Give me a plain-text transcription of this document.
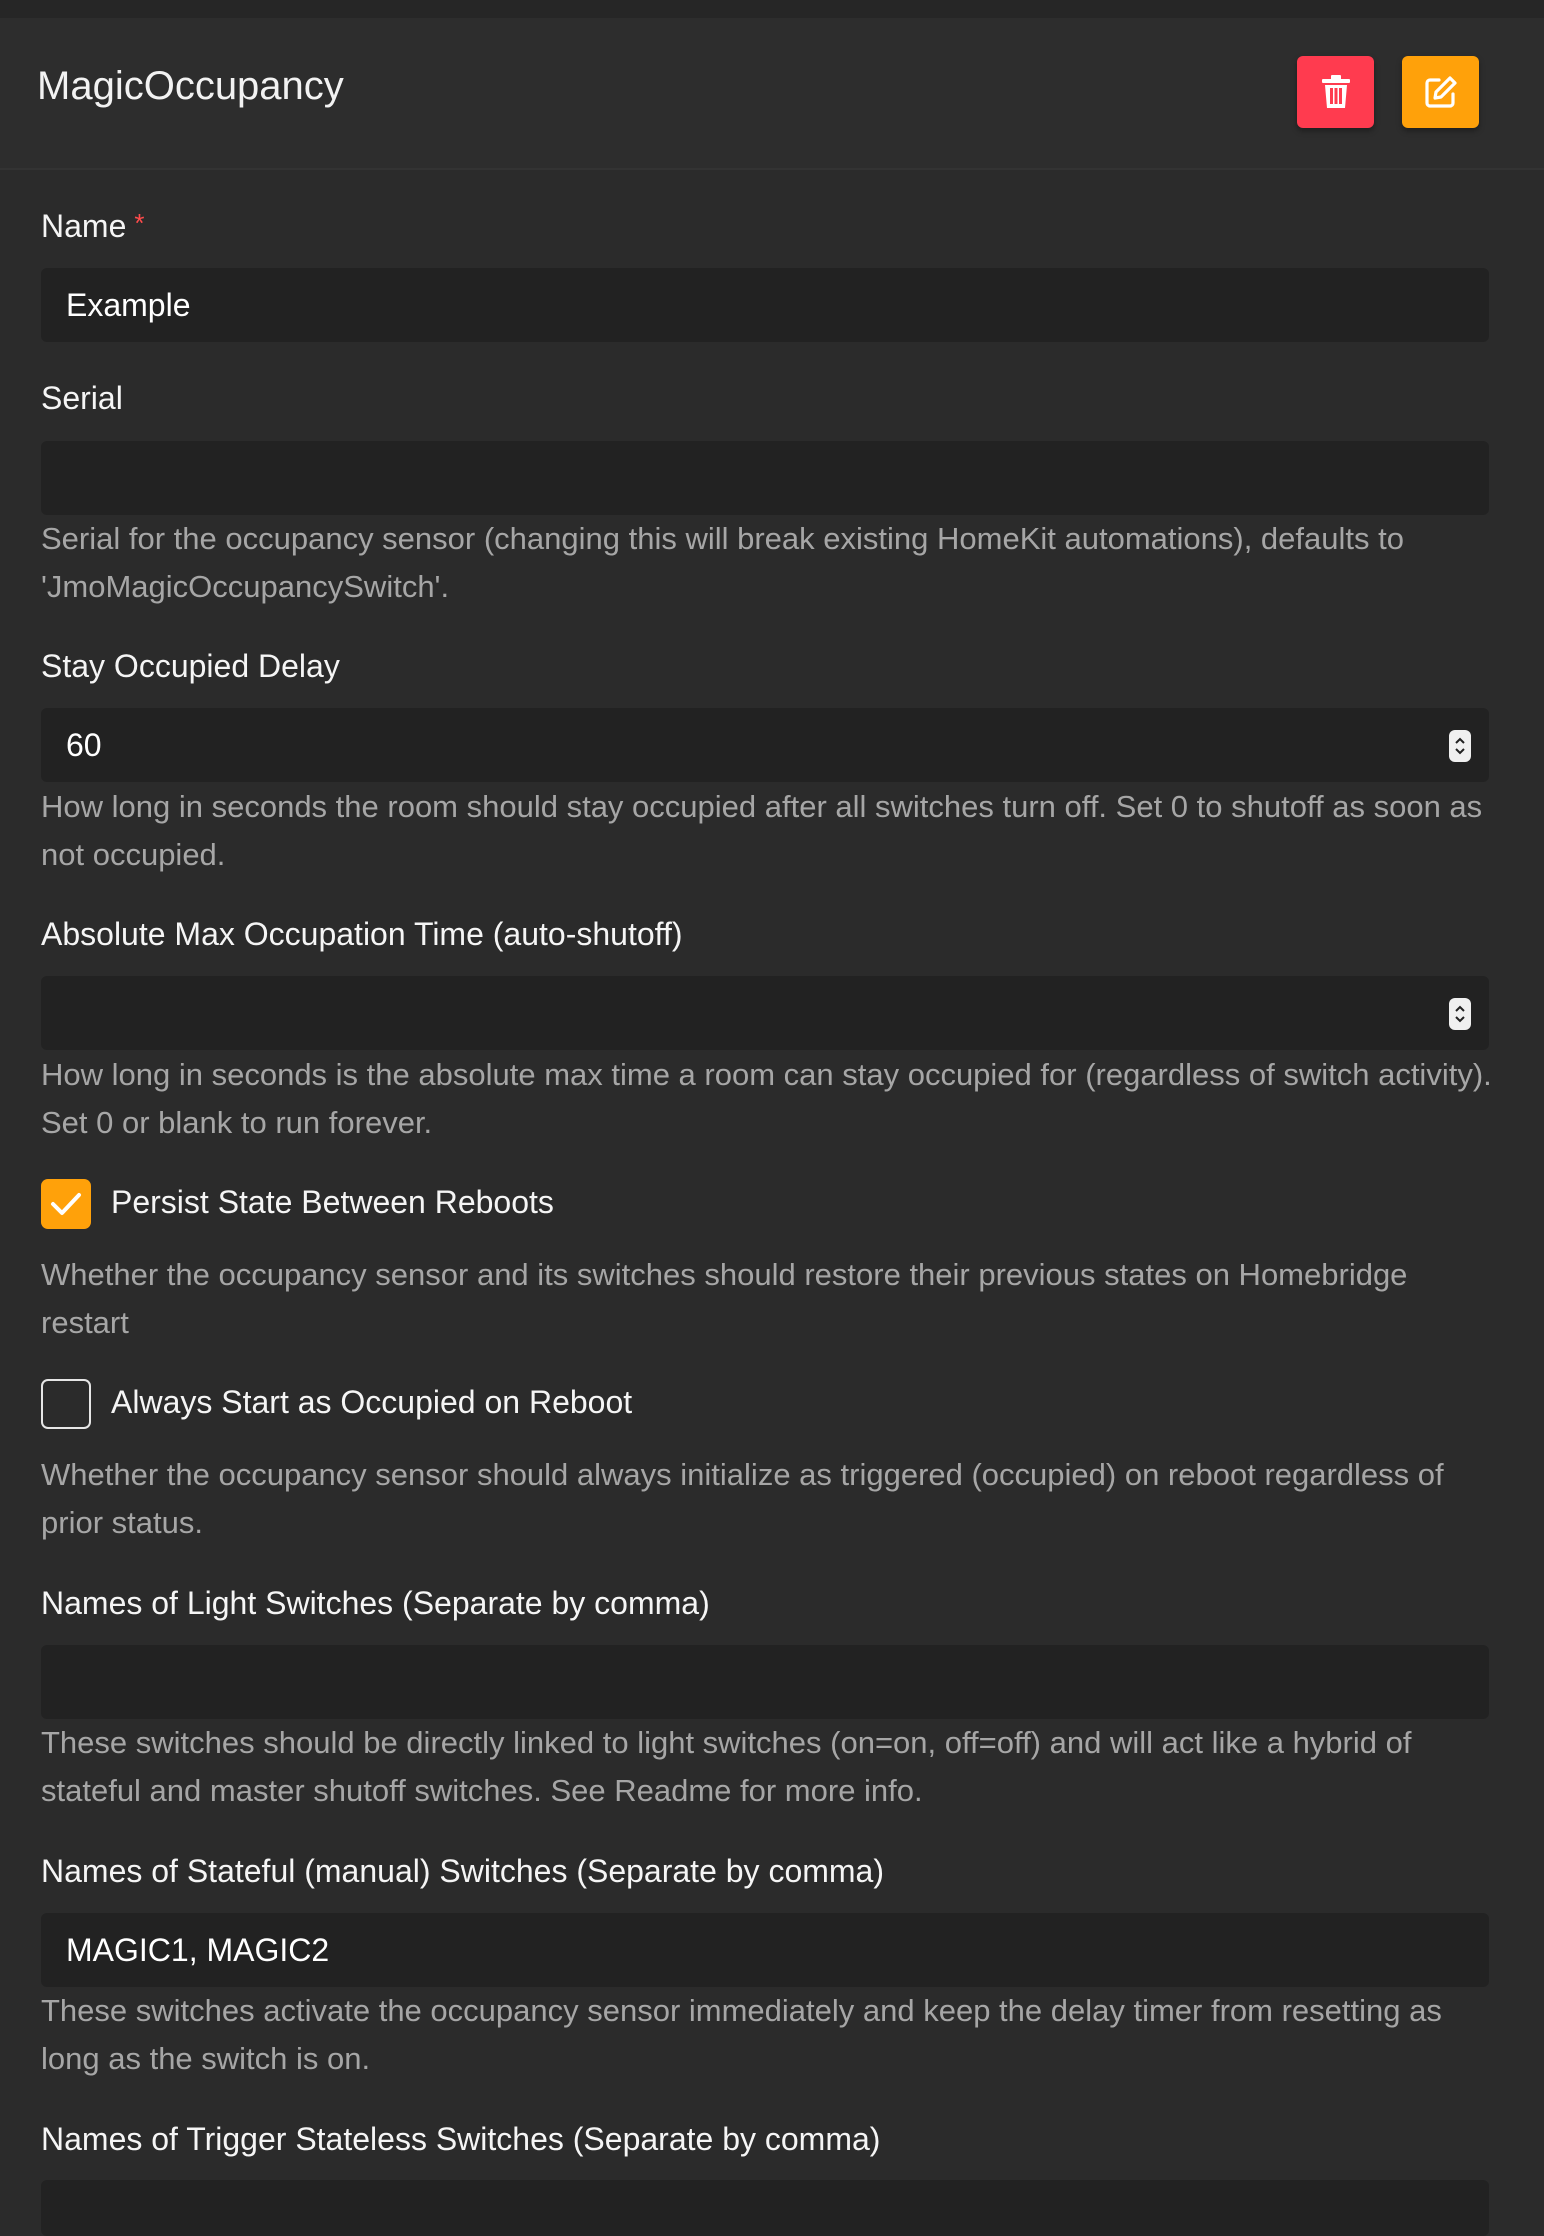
MagicOccupancy
Name *
Example
Serial
Serial for the occupancy sensor (changing this will break existing HomeKit automations), defaults to 'JmoMagicOccupancySwitch'.
Stay Occupied Delay
60
How long in seconds the room should stay occupied after all switches turn off. Set 0 to shutoff as soon as not occupied.
Absolute Max Occupation Time (auto-shutoff)
How long in seconds is the absolute max time a room can stay occupied for (regardless of switch activity). Set 0 or blank to run forever.
Persist State Between Reboots
Whether the occupancy sensor and its switches should restore their previous states on Homebridge restart
Always Start as Occupied on Reboot
Whether the occupancy sensor should always initialize as triggered (occupied) on reboot regardless of prior status.
Names of Light Switches (Separate by comma)
These switches should be directly linked to light switches (on=on, off=off) and will act like a hybrid of stateful and master shutoff switches. See Readme for more info.
Names of Stateful (manual) Switches (Separate by comma)
MAGIC1, MAGIC2
These switches activate the occupancy sensor immediately and keep the delay timer from resetting as long as the switch is on.
Names of Trigger Stateless Switches (Separate by comma)
